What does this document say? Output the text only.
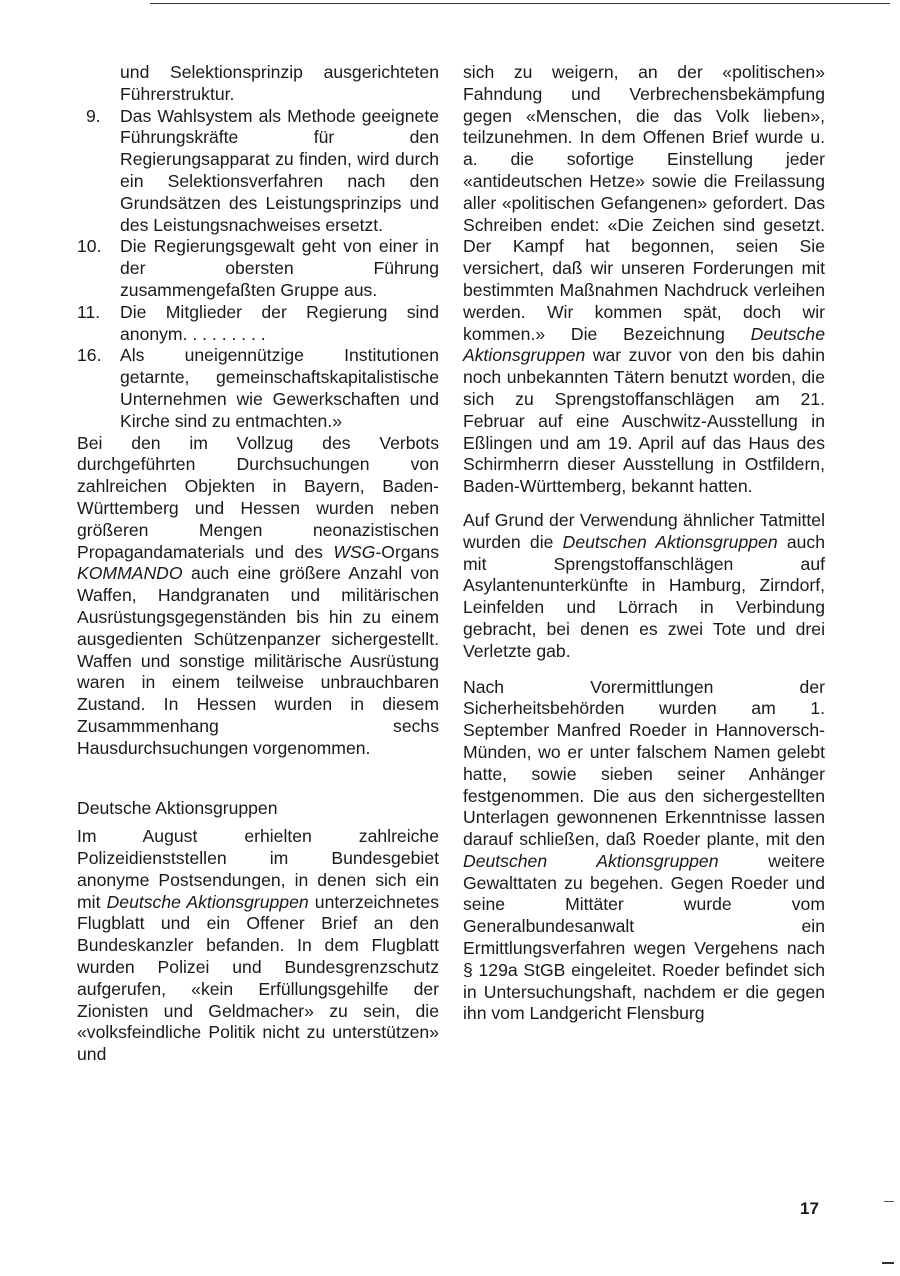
und Selektionsprinzip ausgerichteten Führerstruktur.

9.	Das Wahlsystem als Methode geeignete Führungskräfte für den Regierungsapparat zu finden, wird durch ein Selektionsverfahren nach den Grundsätzen des Leistungsprinzips und des Leistungsnachweises ersetzt.
10.	Die Regierungsgewalt geht von einer in der obersten Führung zusammengefaßten Gruppe aus.
11.	Die Mitglieder der Regierung sind anonym. . . . . . . . .
16.	Als uneigennützige Institutionen getarnte, gemeinschaftskapitalistische Unternehmen wie Gewerkschaften und Kirche sind zu entmachten.»

Bei den im Vollzug des Verbots durchgeführten Durchsuchungen von zahlreichen Objekten in Bayern, Baden-Württemberg und Hessen wurden neben größeren Mengen neonazistischen Propagandamaterials und des WSG-Organs KOMMANDO auch eine größere Anzahl von Waffen, Handgranaten und militärischen Ausrüstungsgegenständen bis hin zu einem ausgedienten Schützenpanzer sichergestellt. Waffen und sonstige militärische Ausrüstung waren in einem teilweise unbrauchbaren Zustand. In Hessen wurden in diesem Zusammmenhang sechs Hausdurchsuchungen vorgenommen.

Deutsche Aktionsgruppen

Im August erhielten zahlreiche Polizeidienststellen im Bundesgebiet anonyme Postsendungen, in denen sich ein mit Deutsche Aktionsgruppen unterzeichnetes Flugblatt und ein Offener Brief an den Bundeskanzler befanden. In dem Flugblatt wurden Polizei und Bundesgrenzschutz aufgerufen, «kein Erfüllungsgehilfe der Zionisten und Geldmacher» zu sein, die «volksfeindliche Politik nicht zu unterstützen» und

sich zu weigern, an der «politischen» Fahndung und Verbrechensbekämpfung gegen «Menschen, die das Volk lieben», teilzunehmen. In dem Offenen Brief wurde u. a. die sofortige Einstellung jeder «antideutschen Hetze» sowie die Freilassung aller «politischen Gefangenen» gefordert. Das Schreiben endet: «Die Zeichen sind gesetzt. Der Kampf hat begonnen, seien Sie versichert, daß wir unseren Forderungen mit bestimmten Maßnahmen Nachdruck verleihen werden. Wir kommen spät, doch wir kommen.» Die Bezeichnung Deutsche Aktionsgruppen war zuvor von den bis dahin noch unbekannten Tätern benutzt worden, die sich zu Sprengstoffanschlägen am 21. Februar auf eine Auschwitz-Ausstellung in Eßlingen und am 19. April auf das Haus des Schirmherrn dieser Ausstellung in Ostfildern, Baden-Württemberg, bekannt hatten.

Auf Grund der Verwendung ähnlicher Tatmittel wurden die Deutschen Aktionsgruppen auch mit Sprengstoffanschlägen auf Asylantenunterkünfte in Hamburg, Zirndorf, Leinfelden und Lörrach in Verbindung gebracht, bei denen es zwei Tote und drei Verletzte gab.

Nach Vorermittlungen der Sicherheitsbehörden wurden am 1. September Manfred Roeder in Hannoversch-Münden, wo er unter falschem Namen gelebt hatte, sowie sieben seiner Anhänger festgenommen. Die aus den sichergestellten Unterlagen gewonnenen Erkenntnisse lassen darauf schließen, daß Roeder plante, mit den Deutschen Aktionsgruppen weitere Gewalttaten zu begehen. Gegen Roeder und seine Mittäter wurde vom Generalbundesanwalt ein Ermittlungsverfahren wegen Vergehens nach § 129a StGB eingeleitet. Roeder befindet sich in Untersuchungshaft, nachdem er die gegen ihn vom Landgericht Flensburg

17
